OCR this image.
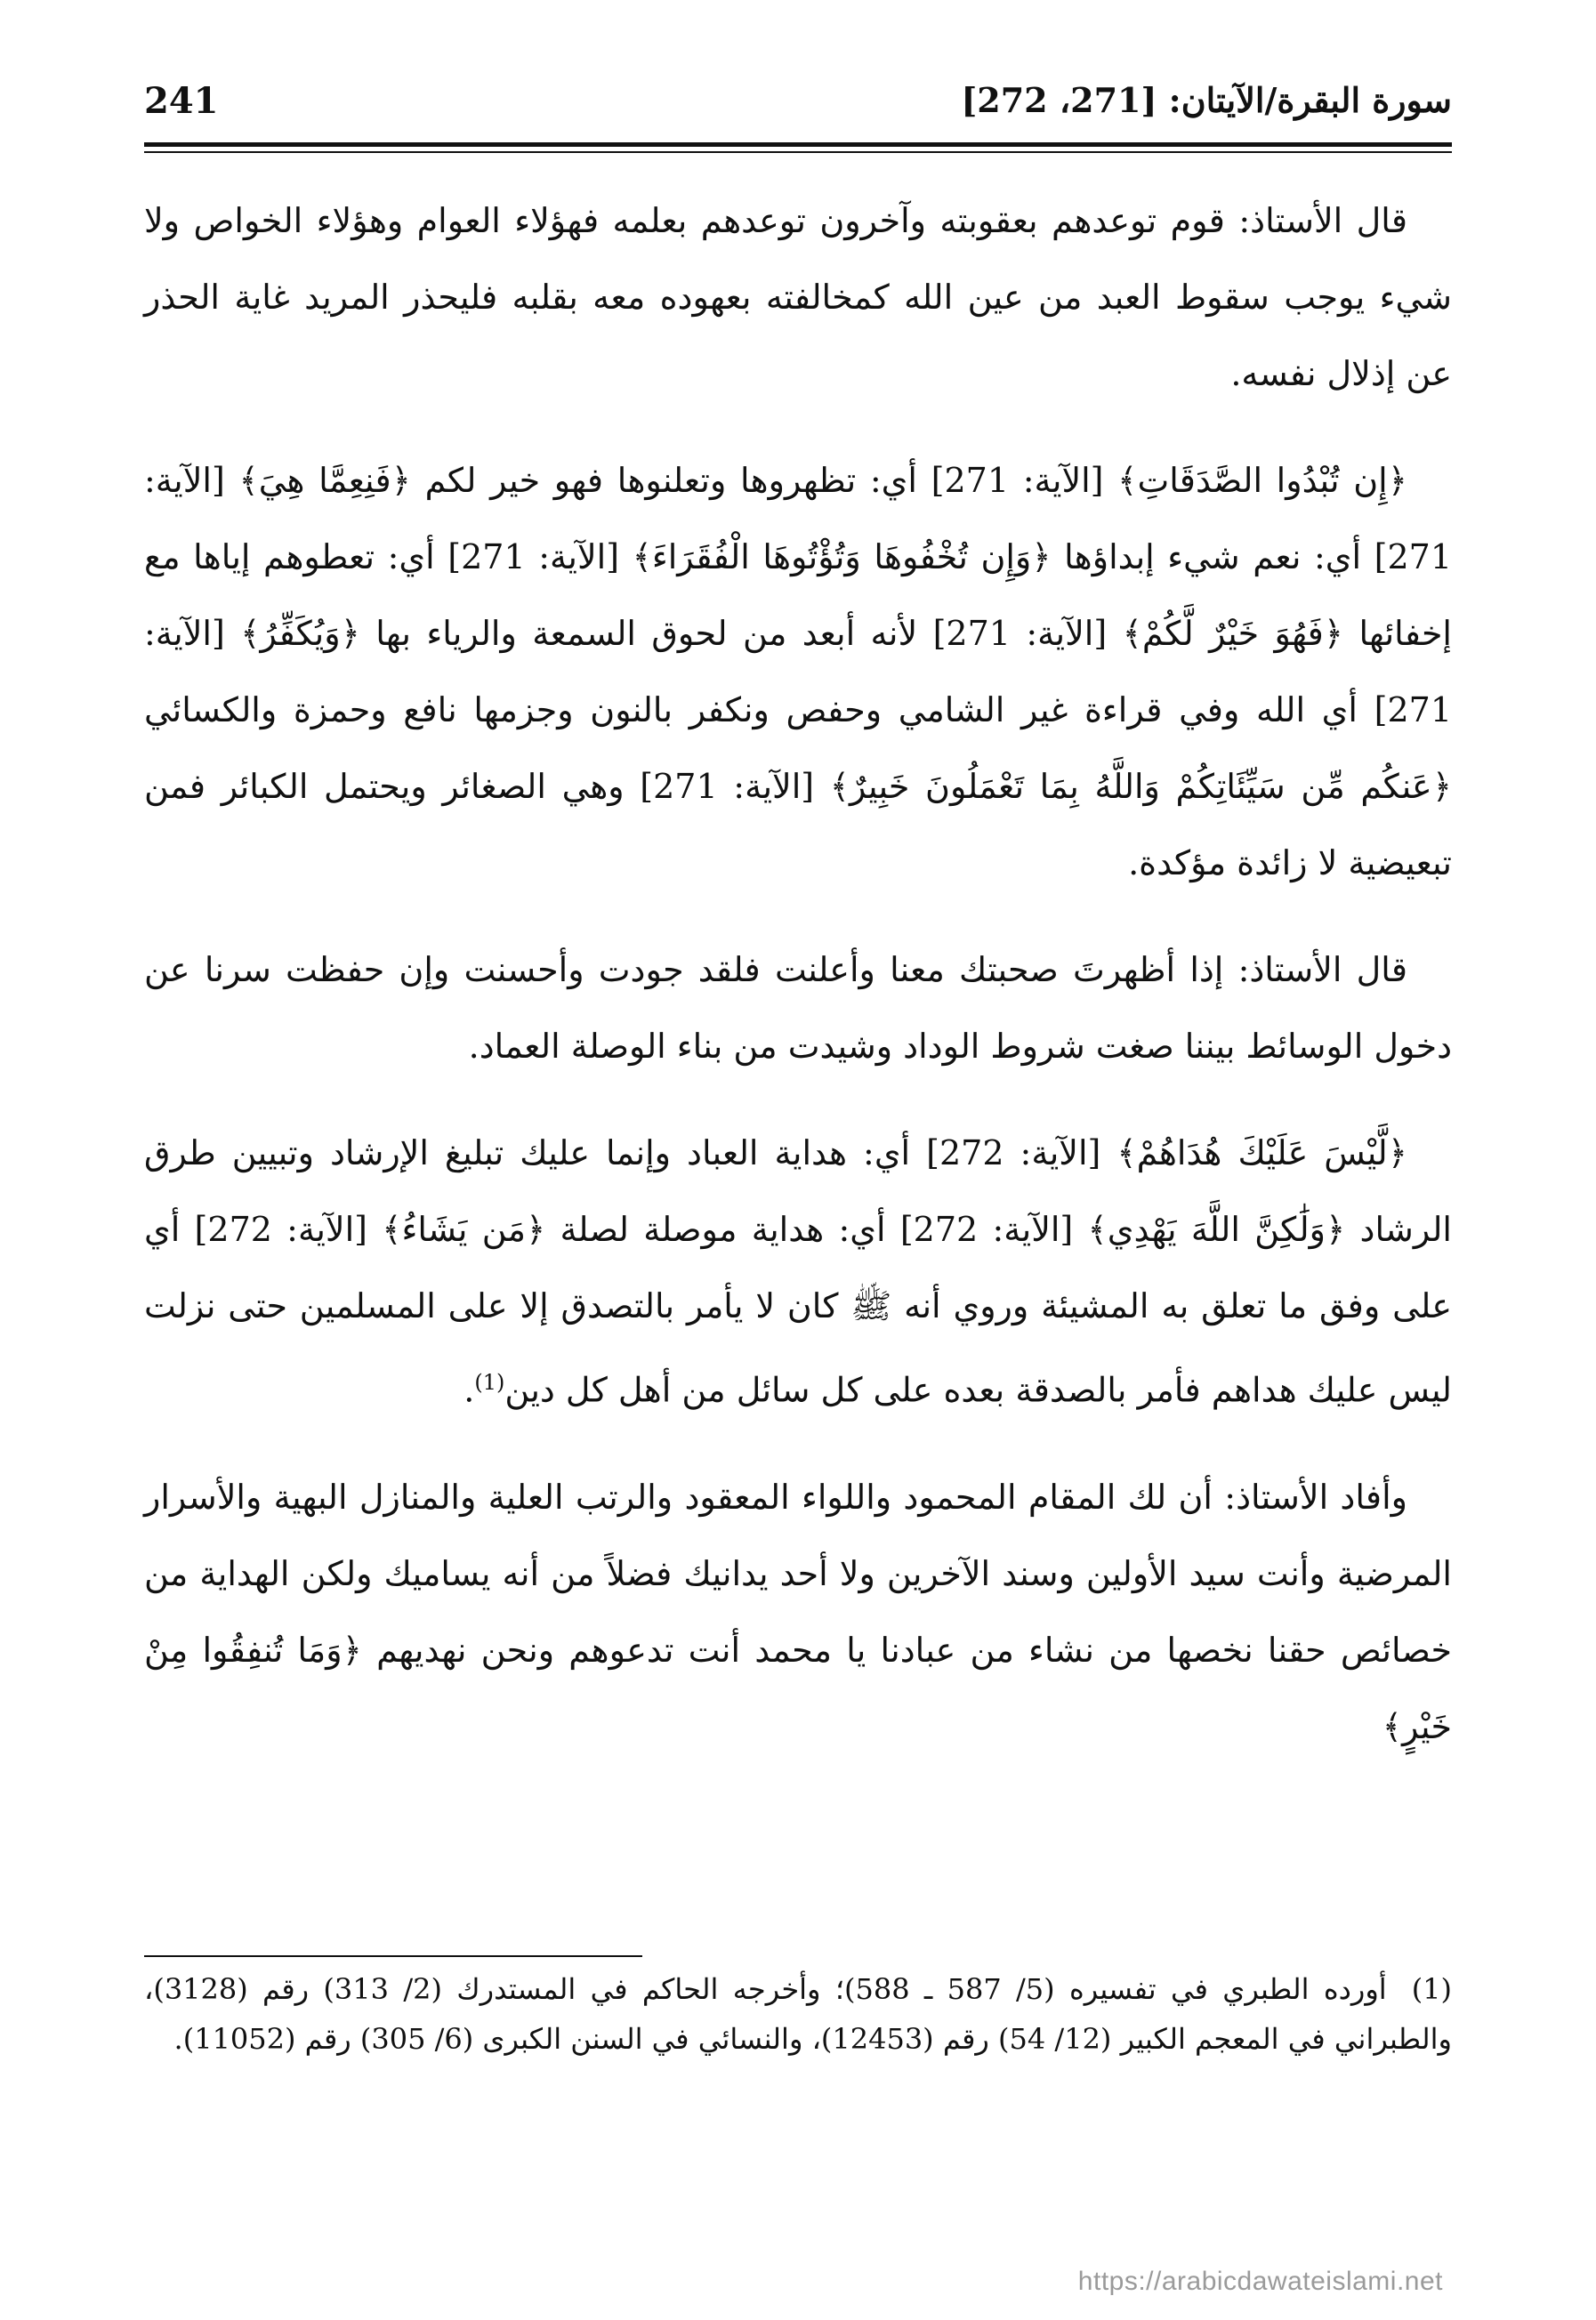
سورة البقرة/الآيتان: [271، 272]
241

قال الأستاذ: قوم توعدهم بعقوبته وآخرون توعدهم بعلمه فهؤلاء العوام وهؤلاء الخواص ولا شيء يوجب سقوط العبد من عين الله كمخالفته بعهوده معه بقلبه فليحذر المريد غاية الحذر عن إذلال نفسه.

﴿إِن تُبْدُوا الصَّدَقَاتِ﴾ [الآية: 271] أي: تظهروها وتعلنوها فهو خير لكم ﴿فَنِعِمَّا هِيَ﴾ [الآية: 271] أي: نعم شيء إبداؤها ﴿وَإِن تُخْفُوهَا وَتُؤْتُوهَا الْفُقَرَاءَ﴾ [الآية: 271] أي: تعطوهم إياها مع إخفائها ﴿فَهُوَ خَيْرٌ لَّكُمْ﴾ [الآية: 271] لأنه أبعد من لحوق السمعة والرياء بها ﴿وَيُكَفِّرُ﴾ [الآية: 271] أي الله وفي قراءة غير الشامي وحفص ونكفر بالنون وجزمها نافع وحمزة والكسائي ﴿عَنكُم مِّن سَيِّئَاتِكُمْ وَاللَّهُ بِمَا تَعْمَلُونَ خَبِيرٌ﴾ [الآية: 271] وهي الصغائر ويحتمل الكبائر فمن تبعيضية لا زائدة مؤكدة.

قال الأستاذ: إذا أظهرتَ صحبتك معنا وأعلنت فلقد جودت وأحسنت وإن حفظت سرنا عن دخول الوسائط بيننا صغت شروط الوداد وشيدت من بناء الوصلة العماد.

﴿لَّيْسَ عَلَيْكَ هُدَاهُمْ﴾ [الآية: 272] أي: هداية العباد وإنما عليك تبليغ الإرشاد وتبيين طرق الرشاد ﴿وَلَٰكِنَّ اللَّهَ يَهْدِي﴾ [الآية: 272] أي: هداية موصلة لصلة ﴿مَن يَشَاءُ﴾ [الآية: 272] أي على وفق ما تعلق به المشيئة وروي أنه ﷺ كان لا يأمر بالتصدق إلا على المسلمين حتى نزلت ليس عليك هداهم فأمر بالصدقة بعده على كل سائل من أهل كل دين$^{(1)}$.

وأفاد الأستاذ: أن لك المقام المحمود واللواء المعقود والرتب العلية والمنازل البهية والأسرار المرضية وأنت سيد الأولين وسند الآخرين ولا أحد يدانيك فضلاً من أنه يساميك ولكن الهداية من خصائص حقنا نخصها من نشاء من عبادنا يا محمد أنت تدعوهم ونحن نهديهم ﴿وَمَا تُنفِقُوا مِنْ خَيْرٍ﴾

(1)أورده الطبري في تفسيره (5/ 587 ـ 588)؛ وأخرجه الحاكم في المستدرك (2/ 313) رقم (3128)، والطبراني في المعجم الكبير (12/ 54) رقم (12453)، والنسائي في السنن الكبرى (6/ 305) رقم (11052).

https://arabicdawateislami.net
